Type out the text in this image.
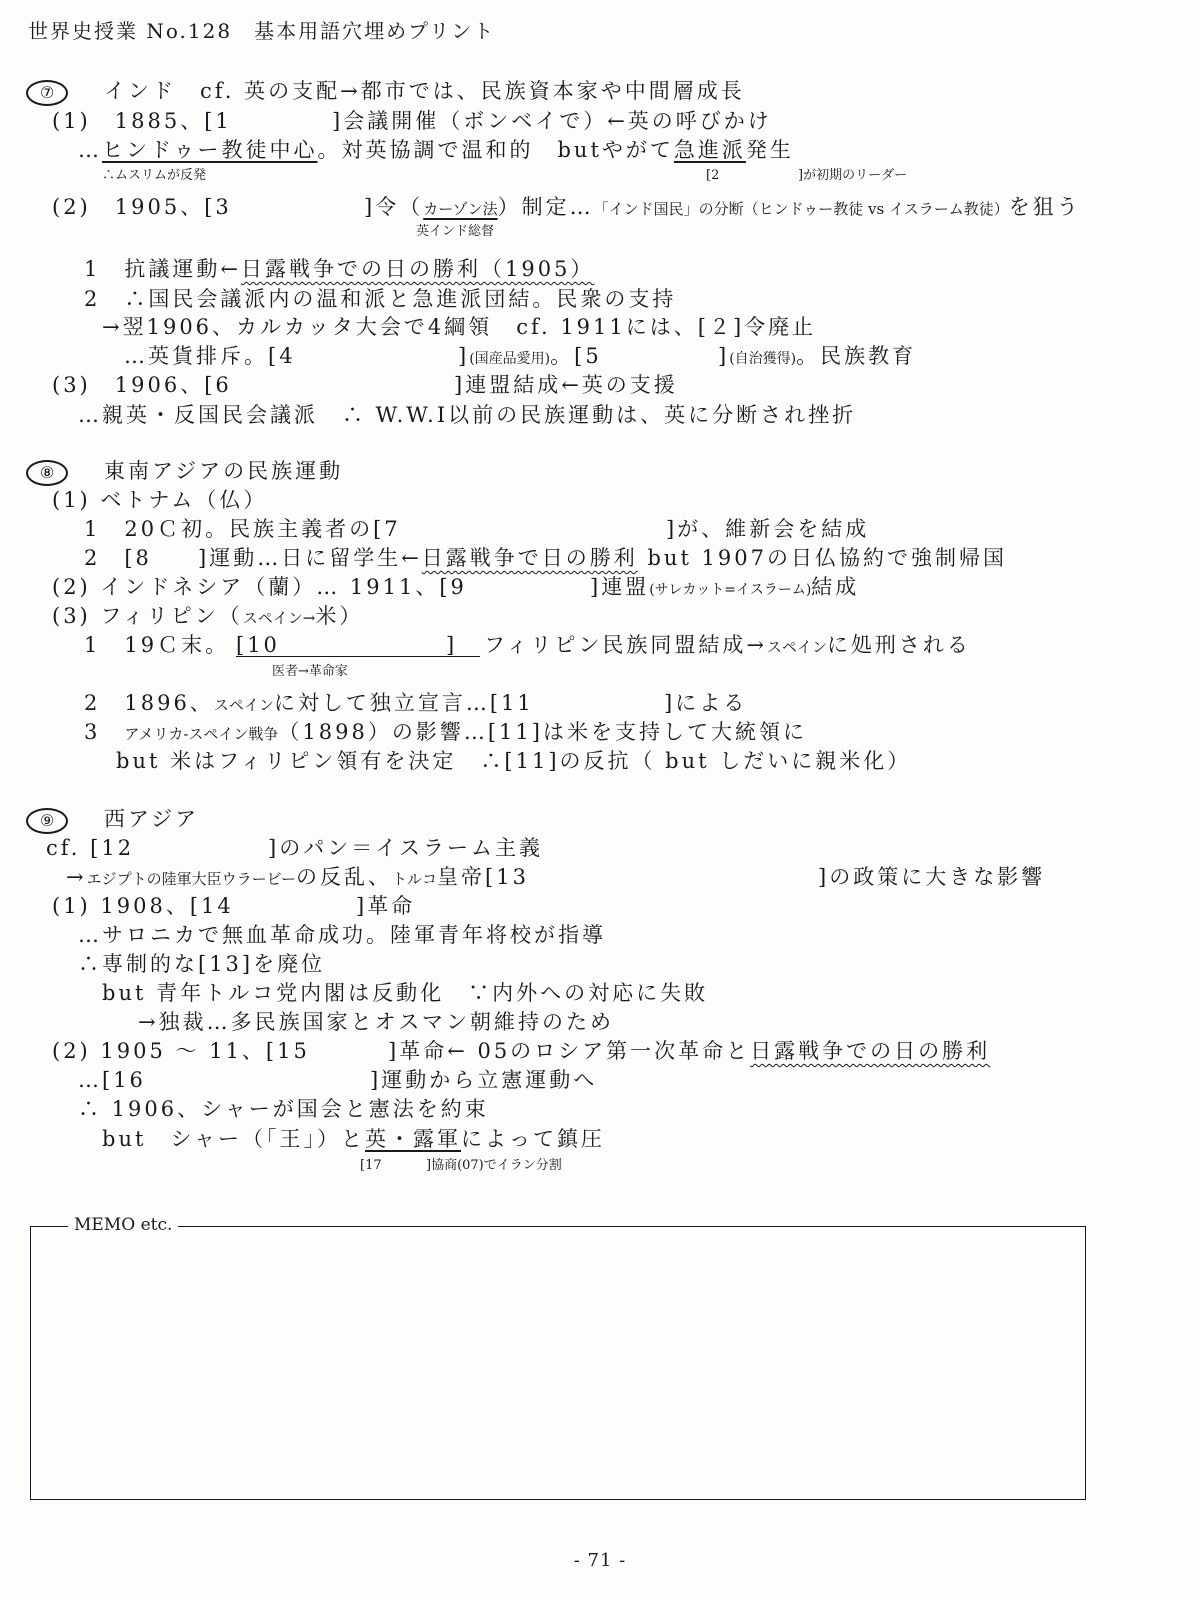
世界史授業 No.128　基本用語穴埋めプリント
⑦	インド　cf. 英の支配→都市では、民族資本家や中間層成長
(1)　1885、[1	]会議開催（ボンベイで）←英の呼びかけ
…ヒンドゥー教徒中心。対英協調で温和的　butやがて急進派発生
∴ムスリムが反発	[2	]が初期のリーダー
(2)　1905、[3	]令（カーゾン法）制定…「インド国民」の分断（ヒンドゥー教徒 vs イスラーム教徒）を狙う
英インド総督
1　抗議運動←日露戦争での日の勝利（1905）
2　∴国民会議派内の温和派と急進派団結。民衆の支持
→翌1906、カルカッタ大会で4綱領　cf. 1911には、[２]令廃止
…英貨排斥。[4	](国産品愛用)。[5	](自治獲得)。民族教育
(3)　1906、[6	]連盟結成←英の支援
…親英・反国民会議派　∴ W.W.Ⅰ以前の民族運動は、英に分断され挫折
⑧	東南アジアの民族運動
(1) ベトナム（仏）
1　20Ｃ初。民族主義者の[7	]が、維新会を結成
2　[8 ]運動…日に留学生←日露戦争で日の勝利 but 1907の日仏協約で強制帰国
(2) インドネシア（蘭）… 1911、[9	]連盟(サレカット=イスラーム)結成
(3) フィリピン（スペイン→米）
1　19Ｃ末。 [10	] フィリピン民族同盟結成→スペインに処刑される
医者→革命家
2　1896、スペインに対して独立宣言…[11	]による
3　アメリカ-スペイン戦争（1898）の影響…[11]は米を支持して大統領に
but 米はフィリピン領有を決定　∴[11]の反抗（ but しだいに親米化）
⑨	西アジア
cf. [12	]のパン＝イスラーム主義
→エジプトの陸軍大臣ウラービーの反乱、トルコ皇帝[13	]の政策に大きな影響
(1) 1908、[14	]革命
…サロニカで無血革命成功。陸軍青年将校が指導
∴専制的な[13]を廃位
but 青年トルコ党内閣は反動化　∵内外への対応に失敗
→独裁…多民族国家とオスマン朝維持のため
(2) 1905 ～ 11、[15	]革命← 05のロシア第一次革命と日露戦争での日の勝利
…[16	]運動から立憲運動へ
∴ 1906、シャーが国会と憲法を約束
but　シャー（「王」）と英・露軍によって鎮圧
[17	]協商(07)でイラン分割
MEMO etc.
- 71 -
